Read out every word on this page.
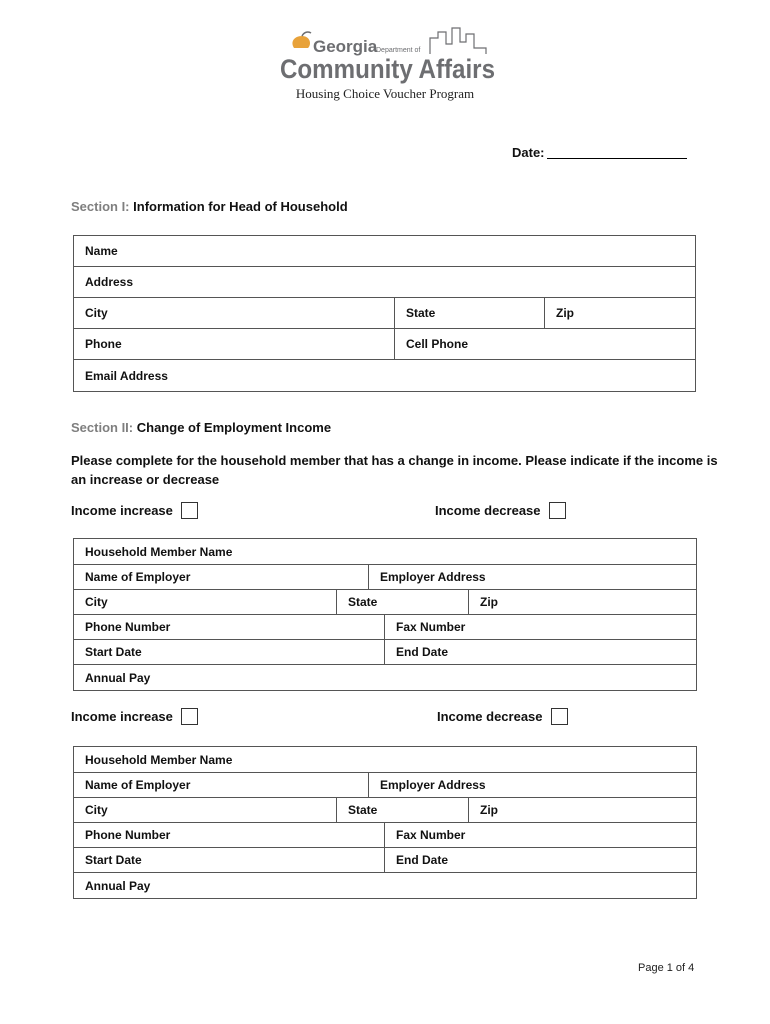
Georgia
Department of
Community Affairs
Housing Choice Voucher Program
Date:
Section I: Information for Head of Household
Name
Address
City	State	Zip
Phone	Cell Phone
Email Address
Section II: Change of Employment Income
Please complete for the household member that has a change in income. Please indicate if the income is an increase or decrease
Income increase	Income decrease
Household Member Name
Name of Employer	Employer Address
City	State	Zip
Phone Number	Fax Number
Start Date	End Date
Annual Pay
Income increase	Income decrease
Household Member Name
Name of Employer	Employer Address
City	State	Zip
Phone Number	Fax Number
Start Date	End Date
Annual Pay
Page 1 of 4
